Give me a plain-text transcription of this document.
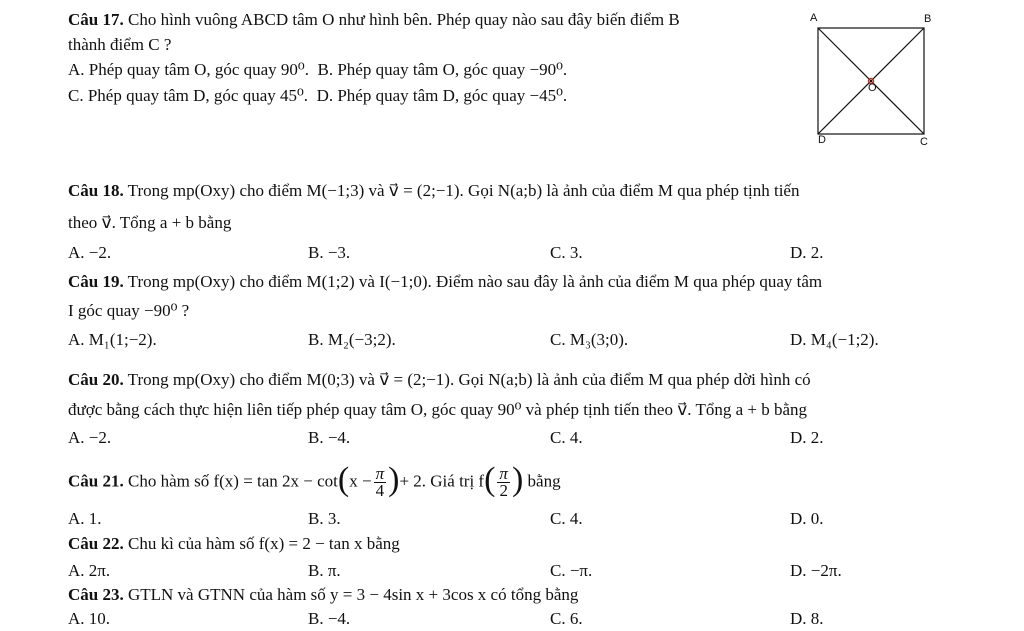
Câu 17. Cho hình vuông ABCD tâm O như hình bên. Phép quay nào sau đây biến điểm B
thành điểm C ?
A. Phép quay tâm O, góc quay 90⁰. B. Phép quay tâm O, góc quay −90⁰.
C. Phép quay tâm D, góc quay 45⁰. D. Phép quay tâm D, góc quay −45⁰.
A	B
O
D	C
Câu 18. Trong mp(Oxy) cho điểm M(−1;3) và v⃗ = (2;−1). Gọi N(a;b) là ảnh của điểm M qua phép tịnh tiến
theo v⃗. Tổng a + b bằng
A. −2.	B. −3.	C. 3.	D. 2.
Câu 19. Trong mp(Oxy) cho điểm M(1;2) và I(−1;0). Điểm nào sau đây là ảnh của điểm M qua phép quay tâm
I góc quay −90⁰ ?
A. M₁(1;−2).	B. M₂(−3;2).	C. M₃(3;0).	D. M₄(−1;2).
Câu 20. Trong mp(Oxy) cho điểm M(0;3) và v⃗ = (2;−1). Gọi N(a;b) là ảnh của điểm M qua phép dời hình có
được bằng cách thực hiện liên tiếp phép quay tâm O, góc quay 90⁰ và phép tịnh tiến theo v⃗. Tổng a + b bằng
A. −2.	B. −4.	C. 4.	D. 2.
Câu 21. Cho hàm số $f(x) = \tan 2x - \cot(x - \frac{\pi}{4}$ )+ 2. Giá trị $f( \frac{\pi}{2}$ ) bằng
A. 1.	B. 3.	C. 4.	D. 0.
Câu 22. Chu kì của hàm số f(x) = 2 − tan x bằng
A. 2π.	B. π.	C. −π.	D. −2π.
Câu 23. GTLN và GTNN của hàm số y = 3 − 4sin x + 3cos x có tổng bằng
A. 10.	B. −4.	C. 6.	D. 8.
